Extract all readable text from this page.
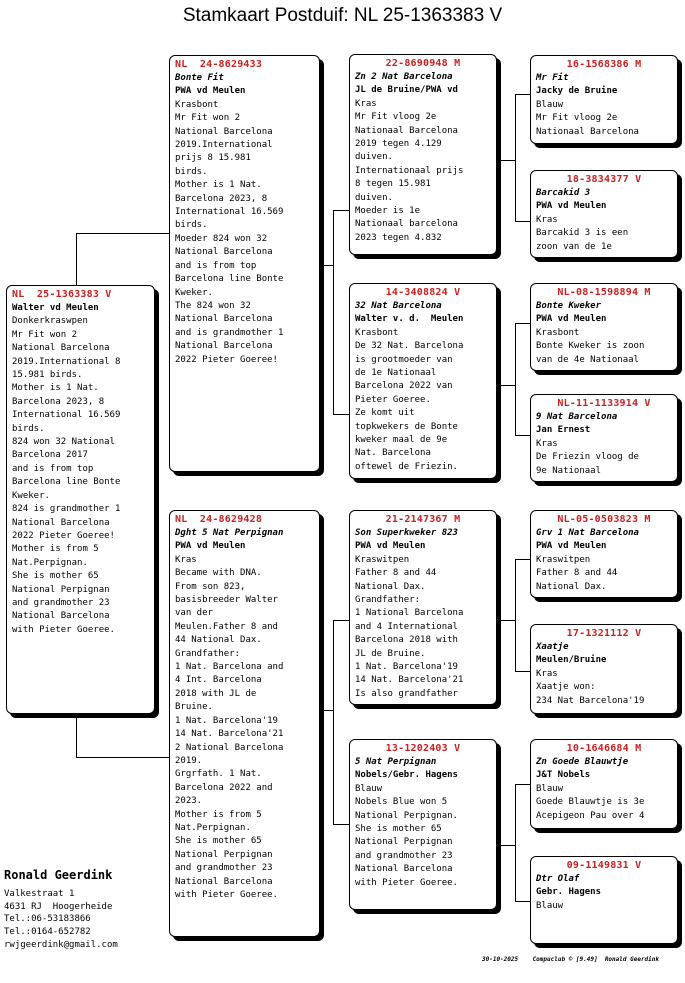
Stamkaart Postduif: NL 25-1363383 V
NL  25-1363383 V
Walter vd Meulen
Donkerkraswpen
Mr Fit won 2
National Barcelona
2019.International 8
15.981 birds.
Mother is 1 Nat.
Barcelona 2023, 8
International 16.569
birds.
824 won 32 National
Barcelona 2017
and is from top
Barcelona line Bonte
Kweker.
824 is grandmother 1
National Barcelona
2022 Pieter Goeree!
Mother is from 5
Nat.Perpignan.
She is mother 65
National Perpignan
and grandmother 23
National Barcelona
with Pieter Goeree.
NL  24-8629433
Bonte Fit
PWA vd Meulen
Krasbont
Mr Fit won 2
National Barcelona
2019.International
prijs 8 15.981
birds.
Mother is 1 Nat.
Barcelona 2023, 8
International 16.569
birds.
Moeder 824 won 32
National Barcelona
and is from top
Barcelona line Bonte
Kweker.
The 824 won 32
National Barcelona
and is grandmother 1
National Barcelona
2022 Pieter Goeree!
NL  24-8629428
Dght 5 Nat Perpignan
PWA vd Meulen
Kras
Became with DNA.
From son 823,
basisbreeder Walter
van der
Meulen.Father 8 and
44 National Dax.
Grandfather:
1 Nat. Barcelona and
4 Int. Barcelona
2018 with JL de
Bruine.
1 Nat. Barcelona'19
14 Nat. Barcelona'21
2 National Barcelona
2019.
Grgrfath. 1 Nat.
Barcelona 2022 and
2023.
Mother is from 5
Nat.Perpignan.
She is mother 65
National Perpignan
and grandmother 23
National Barcelona
with Pieter Goeree.
22-8690948 M
Zn 2 Nat Barcelona
JL de Bruine/PWA vd
Kras
Mr Fit vloog 2e
Nationaal Barcelona
2019 tegen 4.129
duiven.
Internationaal prijs
8 tegen 15.981
duiven.
Moeder is 1e
Nationaal barcelona
2023 tegen 4.832
14-3408824 V
32 Nat Barcelona
Walter v. d.  Meulen
Krasbont
De 32 Nat. Barcelona
is grootmoeder van
de 1e Nationaal
Barcelona 2022 van
Pieter Goeree.
Ze komt uit
topkwekers de Bonte
kweker maal de 9e
Nat. Barcelona
oftewel de Friezin.
21-2147367 M
Son Superkweker 823
PWA vd Meulen
Kraswitpen
Father 8 and 44
National Dax.
Grandfather:
1 National Barcelona
and 4 International
Barcelona 2018 with
JL de Bruine.
1 Nat. Barcelona'19
14 Nat. Barcelona'21
Is also grandfather
13-1202403 V
5 Nat Perpignan
Nobels/Gebr. Hagens
Blauw
Nobels Blue won 5
National Perpignan.
She is mother 65
National Perpignan
and grandmother 23
National Barcelona
with Pieter Goeree.
16-1568386 M
Mr Fit
Jacky de Bruine
Blauw
Mr Fit vloog 2e
Nationaal Barcelona
18-3834377 V
Barcakid 3
PWA vd Meulen
Kras
Barcakid 3 is een
zoon van de 1e
NL-08-1598894 M
Bonte Kweker
PWA vd Meulen
Krasbont
Bonte Kweker is zoon
van de 4e Nationaal
NL-11-1133914 V
9 Nat Barcelona
Jan Ernest
Kras
De Friezin vloog de
9e Nationaal
NL-05-0503823 M
Grv 1 Nat Barcelona
PWA vd Meulen
Kraswitpen
Father 8 and 44
National Dax.
17-1321112 V
Xaatje
Meulen/Bruine
Kras
Xaatje won:
234 Nat Barcelona'19
10-1646684 M
Zn Goede Blauwtje
J&T Nobels
Blauw
Goede Blauwtje is 3e
Acepigeon Pau over 4
09-1149831 V
Dtr Olaf
Gebr. Hagens
Blauw
Ronald Geerdink
Valkestraat 1
4631 RJ  Hoogerheide
Tel.:06-53183866
Tel.:0164-652782
rwjgeerdink@gmail.com
30-10-2025    Compuclub © [9.49]  Ronald Geerdink
